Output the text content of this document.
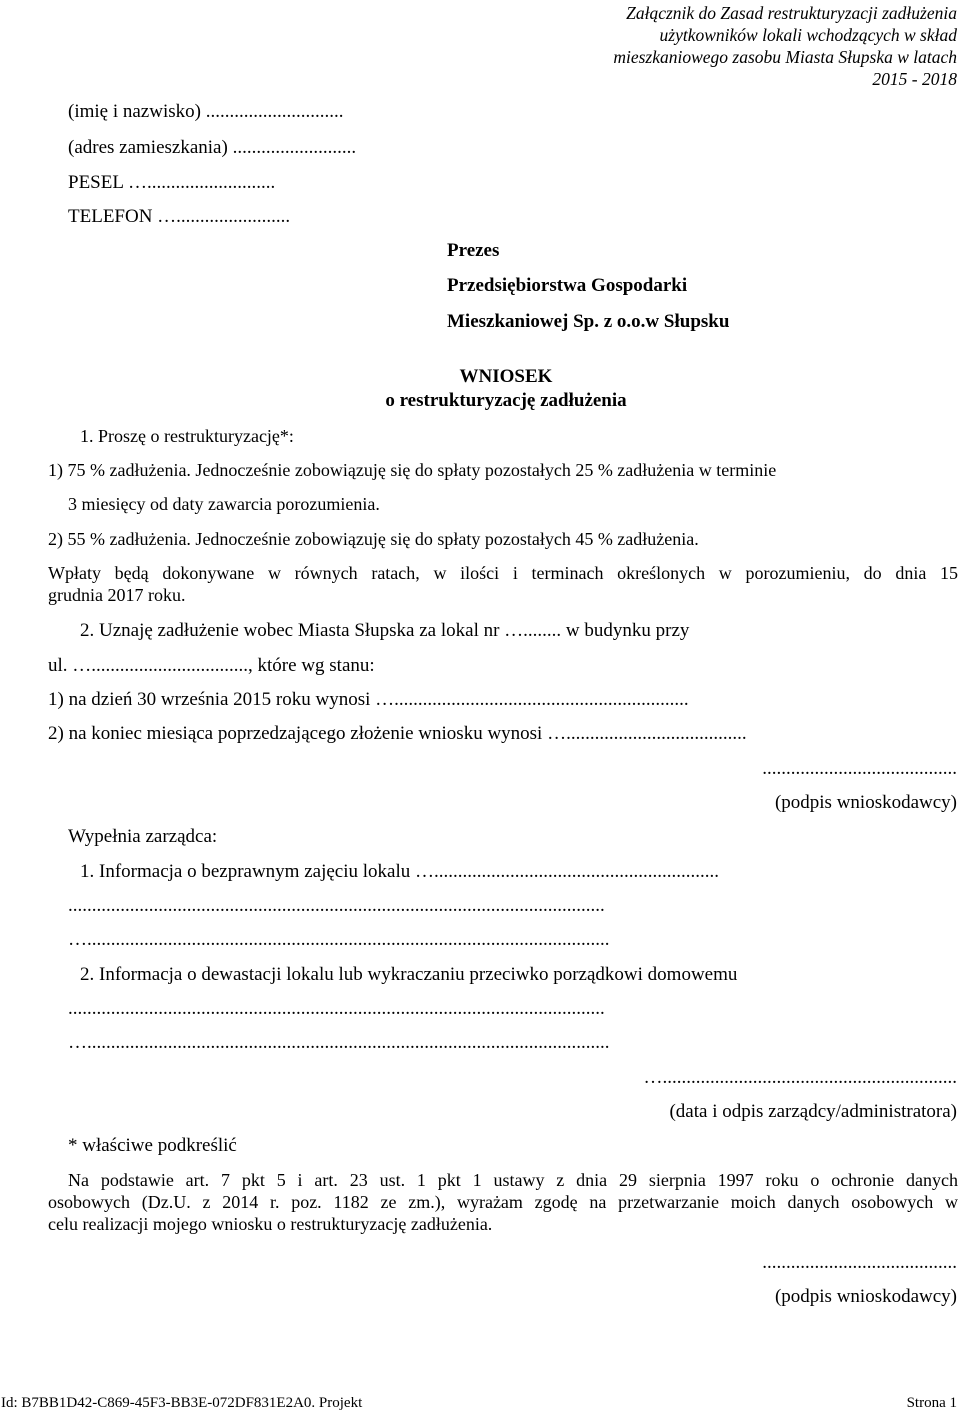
Załącznik do Zasad restrukturyzacji zadłużenia
użytkowników lokali wchodzących w skład
mieszkaniowego zasobu Miasta Słupska w latach
2015 - 2018
(imię i nazwisko) .............................
(adres zamieszkania) ..........................
PESEL …...........................
TELEFON …........................
Prezes
Przedsiębiorstwa Gospodarki
Mieszkaniowej Sp. z o.o.w Słupsku
WNIOSEK
o restrukturyzację zadłużenia
1. Proszę o restrukturyzację*:
1) 75 % zadłużenia. Jednocześnie zobowiązuję się do spłaty pozostałych 25 % zadłużenia w terminie
3 miesięcy od daty zawarcia porozumienia.
2) 55 % zadłużenia. Jednocześnie zobowiązuję się do spłaty pozostałych 45 % zadłużenia.
Wpłaty będą dokonywane w równych ratach, w ilości i terminach określonych w porozumieniu, do dnia 15
grudnia 2017 roku.
2. Uznaję zadłużenie wobec Miasta Słupska za lokal nr …........ w budynku przy
ul. …................................., które wg stanu:
1) na dzień 30 września 2015 roku wynosi …..............................................................
2) na koniec miesiąca poprzedzającego złożenie wniosku wynosi …......................................
.........................................
(podpis wnioskodawcy)
Wypełnia zarządca:
1. Informacja o bezprawnym zajęciu lokalu …............................................................
.................................................................................................................
…..............................................................................................................
2. Informacja o dewastacji lokalu lub wykraczaniu przeciwko porządkowi domowemu
.................................................................................................................
…..............................................................................................................
…..............................................................
(data i odpis zarządcy/administratora)
* właściwe podkreślić
Na podstawie art. 7 pkt 5 i art. 23 ust. 1 pkt 1 ustawy z dnia 29 sierpnia 1997 roku o ochronie danych
osobowych (Dz.U. z 2014 r. poz. 1182 ze zm.), wyrażam zgodę na przetwarzanie moich danych osobowych w
celu realizacji mojego wniosku o restrukturyzację zadłużenia.
.........................................
(podpis wnioskodawcy)
Id: B7BB1D42-C869-45F3-BB3E-072DF831E2A0. Projekt	Strona 1
